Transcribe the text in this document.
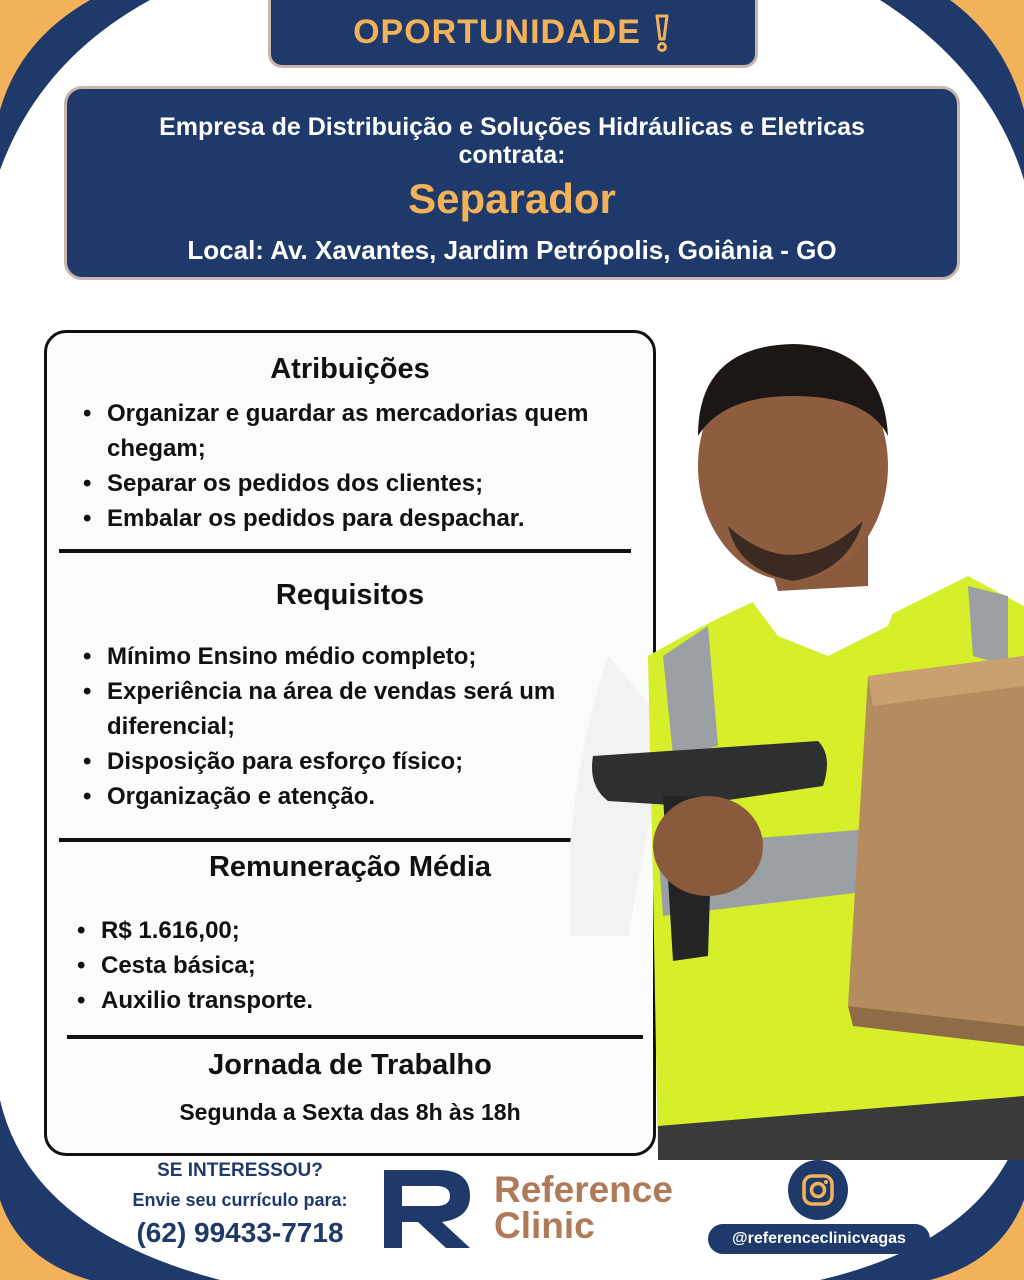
OPORTUNIDADE
Empresa de Distribuição e Soluções Hidráulicas e Eletricas contrata:
Separador
Local: Av. Xavantes, Jardim Petrópolis, Goiânia - GO
Atribuições
• Organizar e guardar as mercadorias quem chegam;
• Separar os pedidos dos clientes;
• Embalar os pedidos para despachar.
Requisitos
• Mínimo Ensino médio completo;
• Experiência na área de vendas será um diferencial;
• Disposição para esforço físico;
• Organização e atenção.
Remuneração Média
• R$ 1.616,00;
• Cesta básica;
• Auxilio transporte.
Jornada de Trabalho
Segunda a Sexta das 8h às 18h
SE INTERESSOU?
Envie seu currículo para:
(62) 99433-7718
Reference
Clinic	@referenceclinicvagas
